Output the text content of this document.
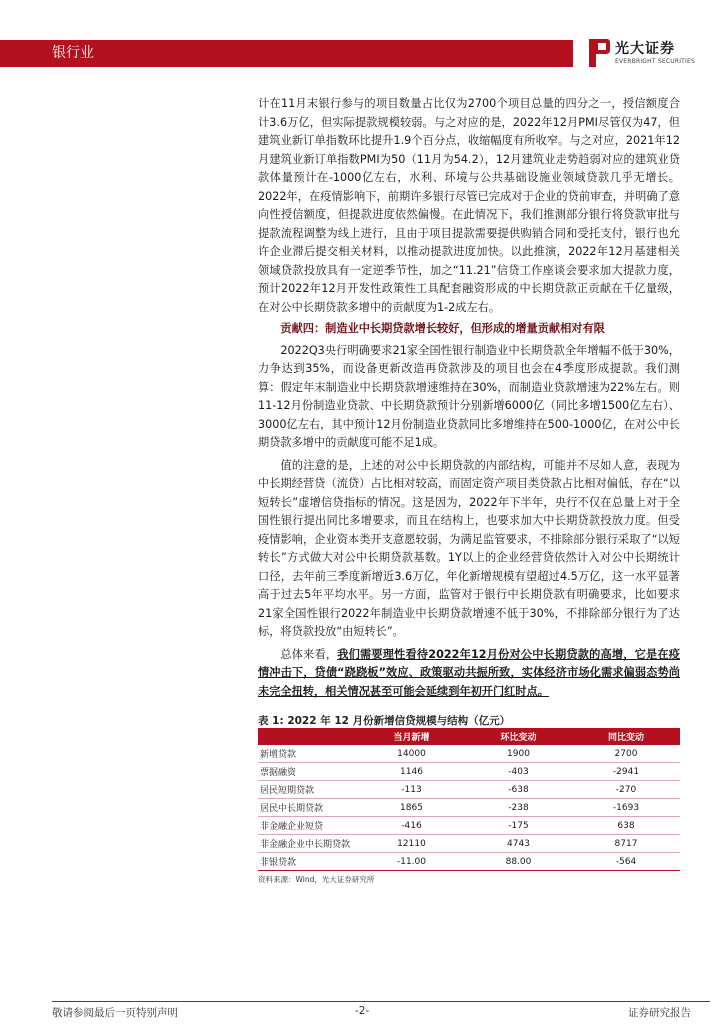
银行业	光大证券
EVERBRIGHT SECURITIES

计在11月末银行参与的项目数量占比仅为2700个项目总量的四分之一，授信额度合计3.6万亿，但实际提款规模较弱。与之对应的是，2022年12月PMI尽管仅为47，但建筑业新订单指数环比提升1.9个百分点，收缩幅度有所收窄。与之对应，2021年12月建筑业新订单指数PMI为50（11月为54.2），12月建筑业走势趋弱对应的建筑业贷款体量预计在-1000亿左右，水利、环境与公共基础设施业领域贷款几乎无增长。2022年，在疫情影响下，前期许多银行尽管已完成对于企业的贷前审查，并明确了意向性授信额度，但提款进度依然偏慢。在此情况下，我们推测部分银行将贷款审批与提款流程调整为线上进行，且由于项目提款需要提供购销合同和受托支付，银行也允许企业滞后提交相关材料，以推动提款进度加快。以此推演，2022年12月基建相关领域贷款投放具有一定逆季节性，加之“11.21”信贷工作座谈会要求加大提款力度，预计2022年12月开发性政策性工具配套融资形成的中长期贷款正贡献在千亿量级，在对公中长期贷款多增中的贡献度为1-2成左右。

贡献四：制造业中长期贷款增长较好，但形成的增量贡献相对有限

2022Q3央行明确要求21家全国性银行制造业中长期贷款全年增幅不低于30%，力争达到35%，而设备更新改造再贷款涉及的项目也会在4季度形成提款。我们测算：假定年末制造业中长期贷款增速维持在30%，而制造业贷款增速为22%左右。则11-12月份制造业贷款、中长期贷款预计分别新增6000亿（同比多增1500亿左右）、3000亿左右，其中预计12月份制造业贷款同比多增维持在500-1000亿，在对公中长期贷款多增中的贡献度可能不足1成。

值的注意的是，上述的对公中长期贷款的内部结构，可能并不尽如人意，表现为中长期经营贷（流贷）占比相对较高，而固定资产项目类贷款占比相对偏低，存在“以短转长”虚增信贷指标的情况。这是因为，2022年下半年，央行不仅在总量上对于全国性银行提出同比多增要求，而且在结构上，也要求加大中长期贷款投放力度。但受疫情影响，企业资本类开支意愿较弱，为满足监管要求，不排除部分银行采取了“以短转长”方式做大对公中长期贷款基数。1Y以上的企业经营贷依然计入对公中长期统计口径，去年前三季度新增近3.6万亿，年化新增规模有望超过4.5万亿，这一水平显著高于过去5年平均水平。另一方面，监管对于银行中长期贷款有明确要求，比如要求21家全国性银行2022年制造业中长期贷款增速不低于30%，不排除部分银行为了达标，将贷款投放“由短转长”。

总体来看，我们需要理性看待2022年12月份对公中长期贷款的高增，它是在疫情冲击下，贷债“跷跷板”效应、政策驱动共振所致，实体经济市场化需求偏弱态势尚未完全扭转，相关情况甚至可能会延续到年初开门红时点。

表 1: 2022 年 12 月份新增信贷规模与结构（亿元）
	当月新增	环比变动	同比变动
新增贷款	14000	1900	2700
票据融资	1146	-403	-2941
居民短期贷款	-113	-638	-270
居民中长期贷款	1865	-238	-1693
非金融企业短贷	-416	-175	638
非金融企业中长期贷款	12110	4743	8717
非银贷款	-11.00	88.00	-564
资料来源：Wind，光大证券研究所
敬请参阅最后一页特别声明	-2-	证券研究报告
